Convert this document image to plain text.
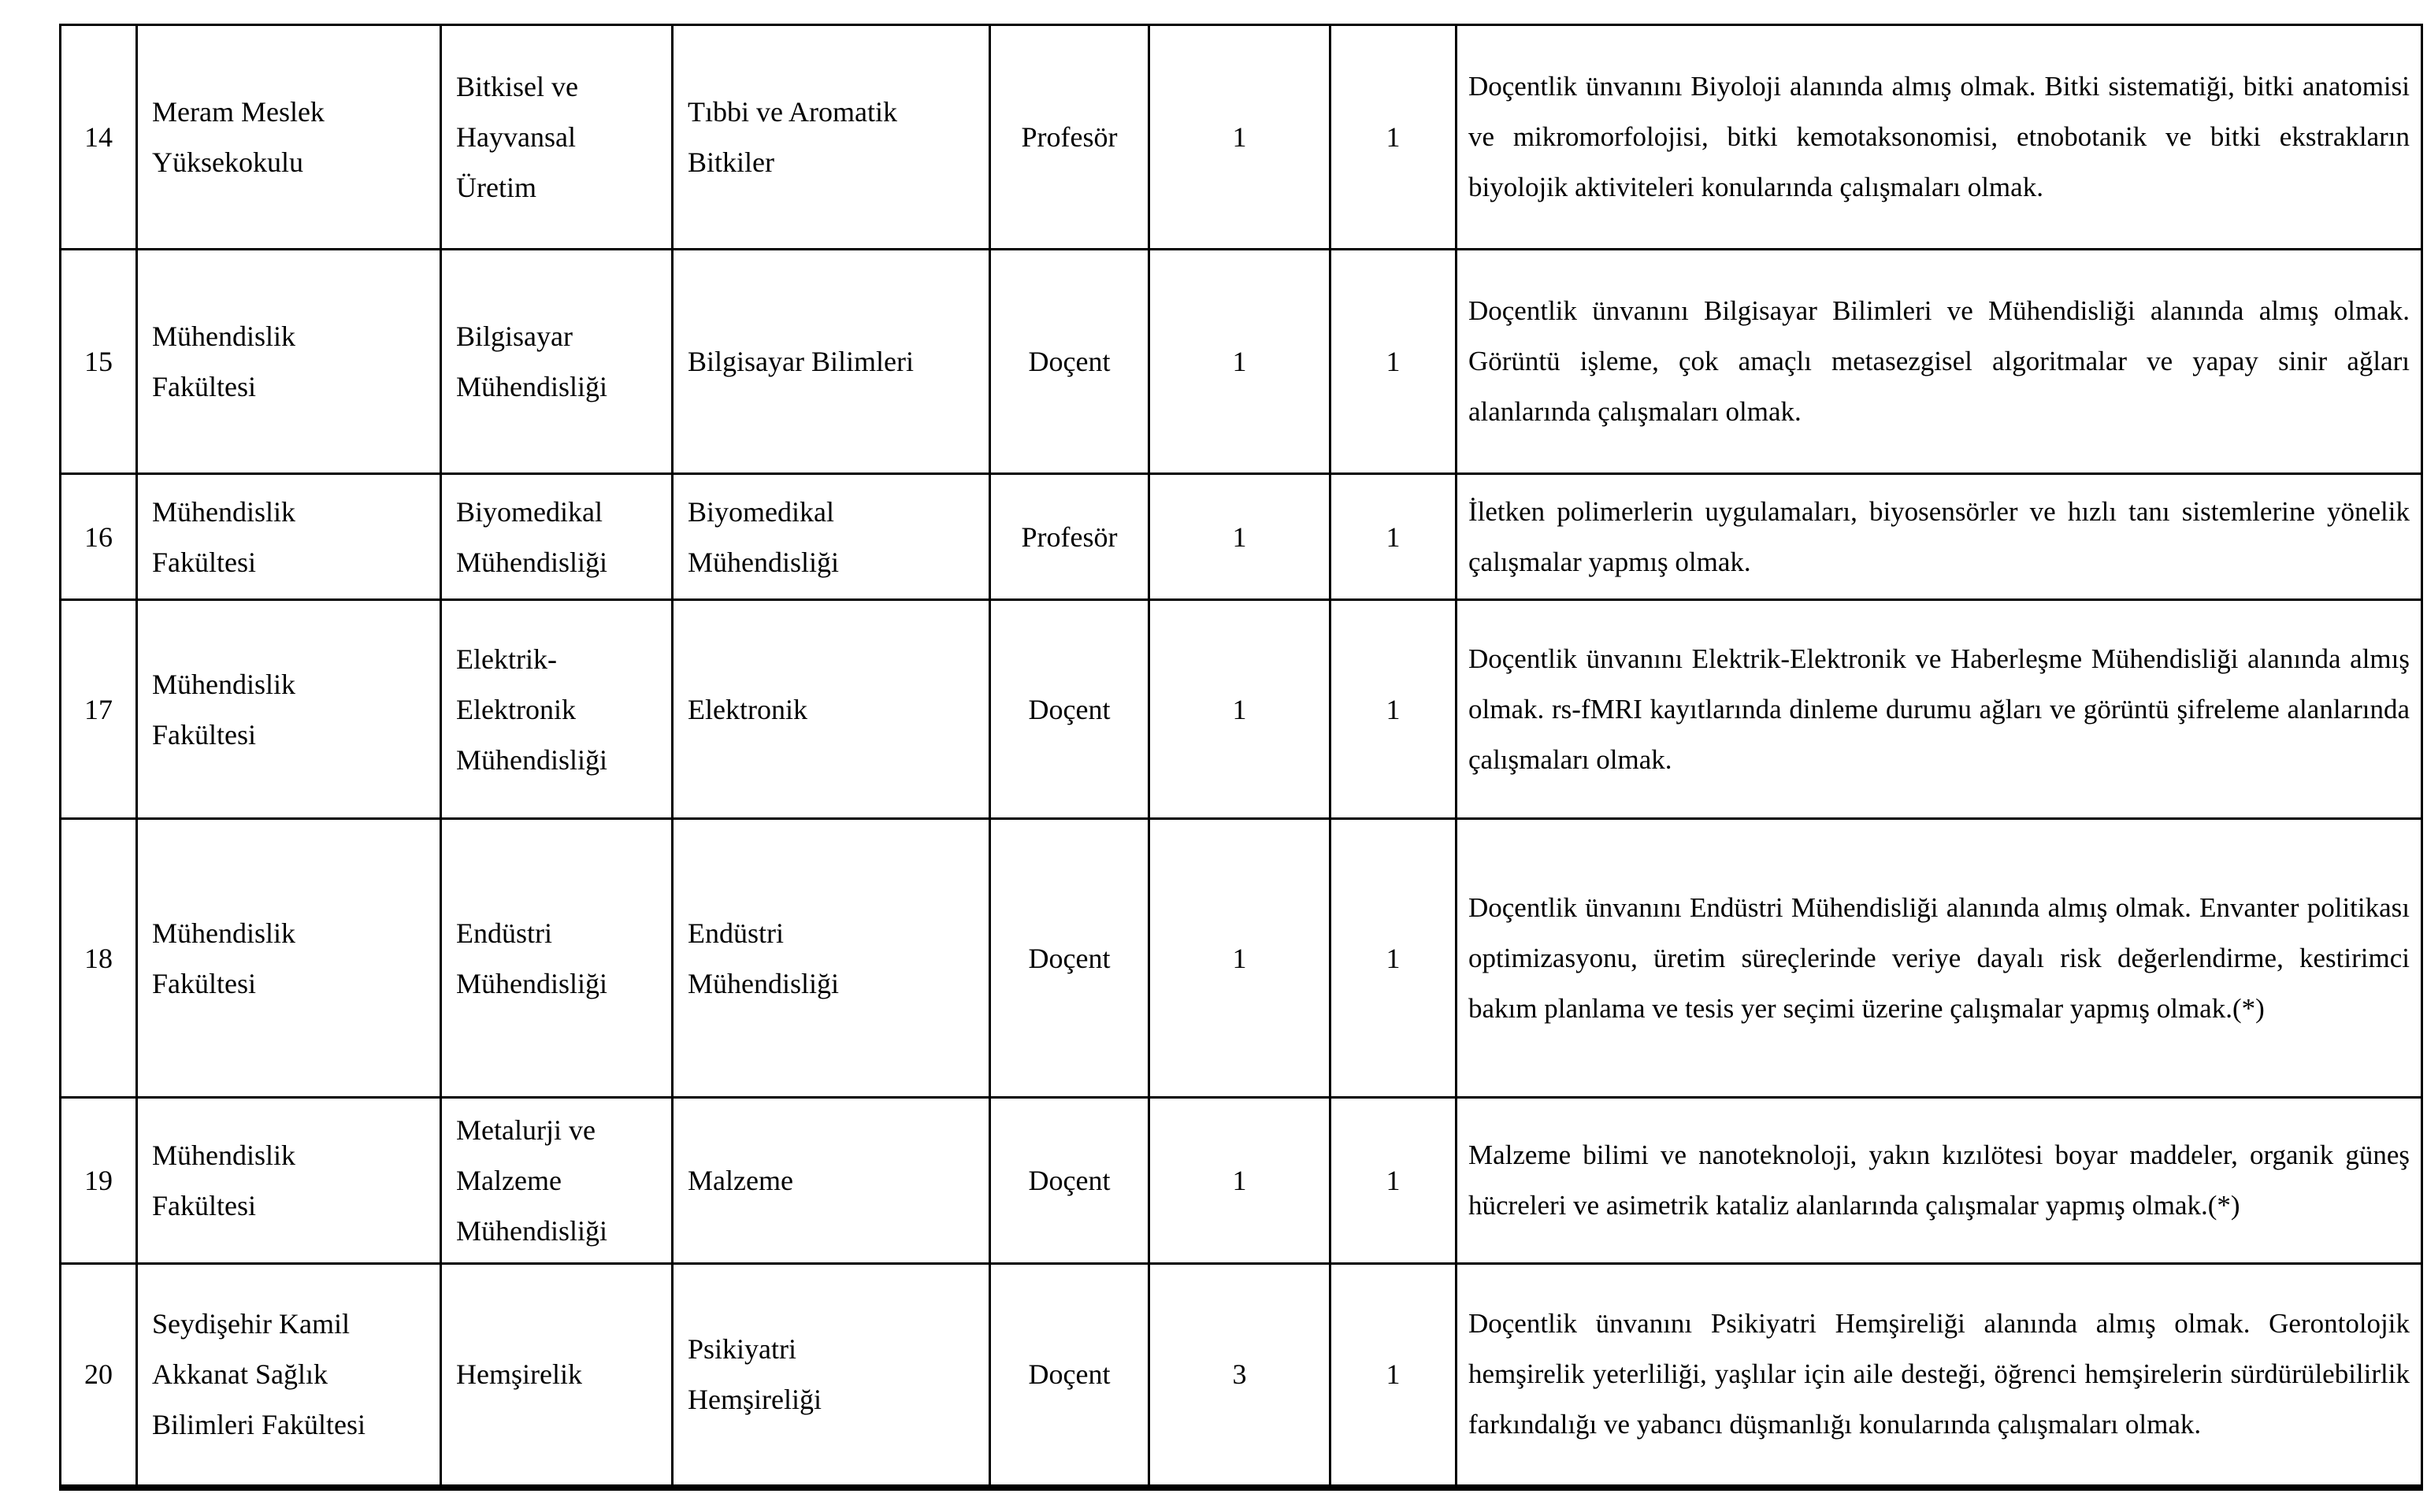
14	Meram Meslek Yüksekokulu	Bitkisel ve Hayvansal Üretim	Tıbbi ve Aromatik Bitkiler	Profesör	1	1	Doçentlik ünvanını Biyoloji alanında almış olmak. Bitki sistematiği, bitki anatomisi ve mikromorfolojisi, bitki kemotaksonomisi, etnobotanik ve bitki ekstrakların biyolojik aktiviteleri konularında çalışmaları olmak.
15	Mühendislik Fakültesi	Bilgisayar Mühendisliği	Bilgisayar Bilimleri	Doçent	1	1	Doçentlik ünvanını Bilgisayar Bilimleri ve Mühendisliği alanında almış olmak. Görüntü işleme, çok amaçlı metasezgisel algoritmalar ve yapay sinir ağları alanlarında çalışmaları olmak.
16	Mühendislik Fakültesi	Biyomedikal Mühendisliği	Biyomedikal Mühendisliği	Profesör	1	1	İletken polimerlerin uygulamaları, biyosensörler ve hızlı tanı sistemlerine yönelik çalışmalar yapmış olmak.
17	Mühendislik Fakültesi	Elektrik-Elektronik Mühendisliği	Elektronik	Doçent	1	1	Doçentlik ünvanını Elektrik-Elektronik ve Haberleşme Mühendisliği alanında almış olmak. rs-fMRI kayıtlarında dinleme durumu ağları ve görüntü şifreleme alanlarında çalışmaları olmak.
18	Mühendislik Fakültesi	Endüstri Mühendisliği	Endüstri Mühendisliği	Doçent	1	1	Doçentlik ünvanını Endüstri Mühendisliği alanında almış olmak. Envanter politikası optimizasyonu, üretim süreçlerinde veriye dayalı risk değerlendirme, kestirimci bakım planlama ve tesis yer seçimi üzerine çalışmalar yapmış olmak.(*)
19	Mühendislik Fakültesi	Metalurji ve Malzeme Mühendisliği	Malzeme	Doçent	1	1	Malzeme bilimi ve nanoteknoloji, yakın kızılötesi boyar maddeler, organik güneş hücreleri ve asimetrik kataliz alanlarında çalışmalar yapmış olmak.(*)
20	Seydişehir Kamil Akkanat Sağlık Bilimleri Fakültesi	Hemşirelik	Psikiyatri Hemşireliği	Doçent	3	1	Doçentlik ünvanını Psikiyatri Hemşireliği alanında almış olmak. Gerontolojik hemşirelik yeterliliği, yaşlılar için aile desteği, öğrenci hemşirelerin sürdürülebilirlik farkındalığı ve yabancı düşmanlığı konularında çalışmaları olmak.
